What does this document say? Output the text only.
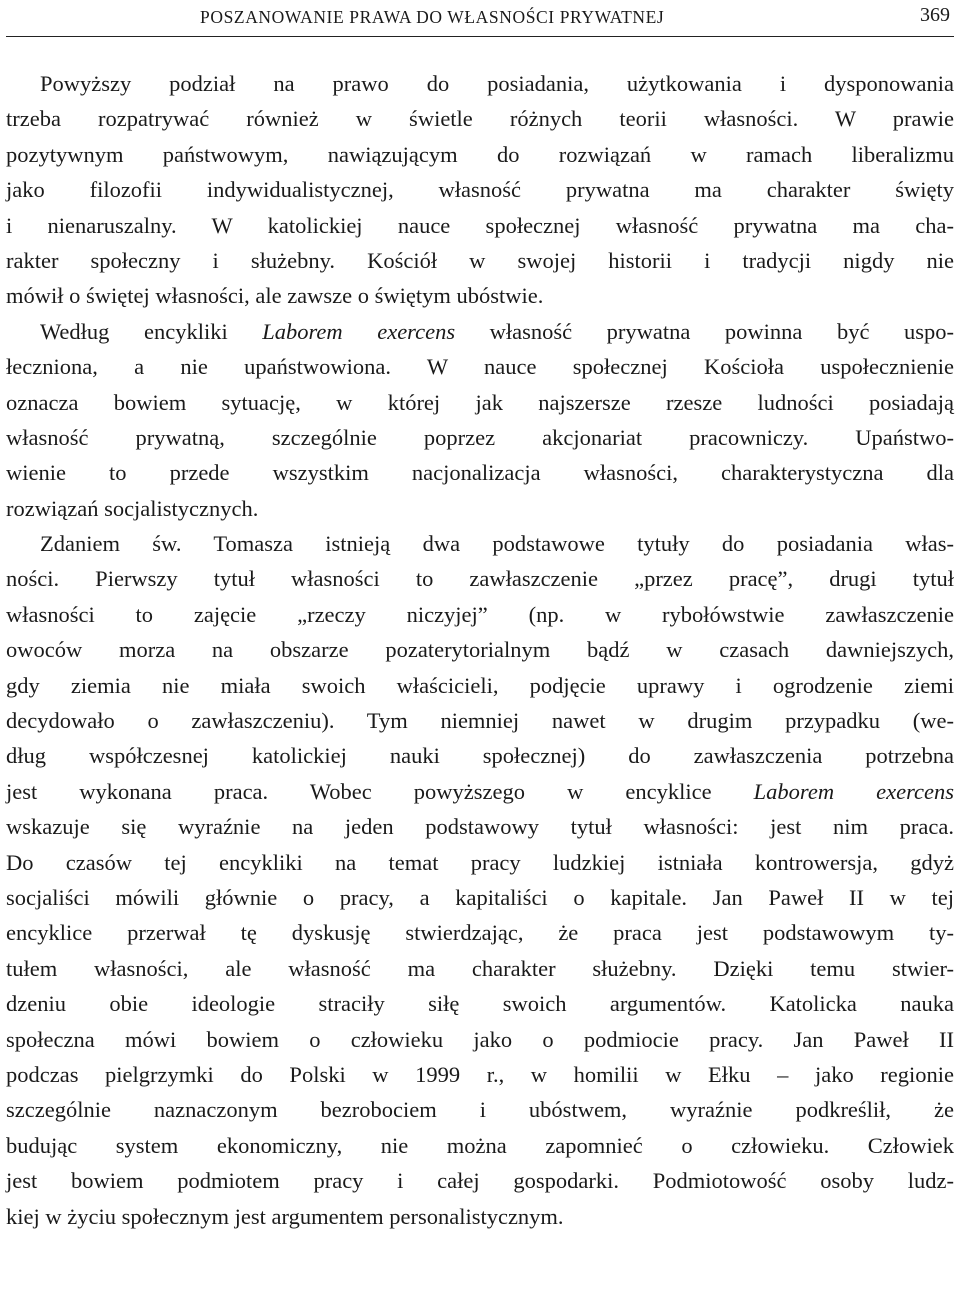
POSZANOWANIE PRAWA DO WŁASNOŚCI PRYWATNEJ	369
Powyższy podział na prawo do posiadania, użytkowania i dysponowania
trzeba rozpatrywać również w świetle różnych teorii własności. W prawie
pozytywnym państwowym, nawiązującym do rozwiązań w ramach liberalizmu
jako filozofii indywidualistycznej, własność prywatna ma charakter święty
i nienaruszalny. W katolickiej nauce społecznej własność prywatna ma cha-
rakter społeczny i służebny. Kościół w swojej historii i tradycji nigdy nie
mówił o świętej własności, ale zawsze o świętym ubóstwie.
Według encykliki Laborem exercens własność prywatna powinna być uspo-
łeczniona, a nie upaństwowiona. W nauce społecznej Kościoła uspołecznienie
oznacza bowiem sytuację, w której jak najszersze rzesze ludności posiadają
własność prywatną, szczególnie poprzez akcjonariat pracowniczy. Upaństwo-
wienie to przede wszystkim nacjonalizacja własności, charakterystyczna dla
rozwiązań socjalistycznych.
Zdaniem św. Tomasza istnieją dwa podstawowe tytuły do posiadania włas-
ności. Pierwszy tytuł własności to zawłaszczenie „przez pracę”, drugi tytuł
własności to zajęcie „rzeczy niczyjej” (np. w rybołówstwie zawłaszczenie
owoców morza na obszarze pozaterytorialnym bądź w czasach dawniejszych,
gdy ziemia nie miała swoich właścicieli, podjęcie uprawy i ogrodzenie ziemi
decydowało o zawłaszczeniu). Tym niemniej nawet w drugim przypadku (we-
dług współczesnej katolickiej nauki społecznej) do zawłaszczenia potrzebna
jest wykonana praca. Wobec powyższego w encyklice Laborem exercens
wskazuje się wyraźnie na jeden podstawowy tytuł własności: jest nim praca.
Do czasów tej encykliki na temat pracy ludzkiej istniała kontrowersja, gdyż
socjaliści mówili głównie o pracy, a kapitaliści o kapitale. Jan Paweł II w tej
encyklice przerwał tę dyskusję stwierdzając, że praca jest podstawowym ty-
tułem własności, ale własność ma charakter służebny. Dzięki temu stwier-
dzeniu obie ideologie straciły siłę swoich argumentów. Katolicka nauka
społeczna mówi bowiem o człowieku jako o podmiocie pracy. Jan Paweł II
podczas pielgrzymki do Polski w 1999 r., w homilii w Ełku – jako regionie
szczególnie naznaczonym bezrobociem i ubóstwem, wyraźnie podkreślił, że
budując system ekonomiczny, nie można zapomnieć o człowieku. Człowiek
jest bowiem podmiotem pracy i całej gospodarki. Podmiotowość osoby ludz-
kiej w życiu społecznym jest argumentem personalistycznym.
